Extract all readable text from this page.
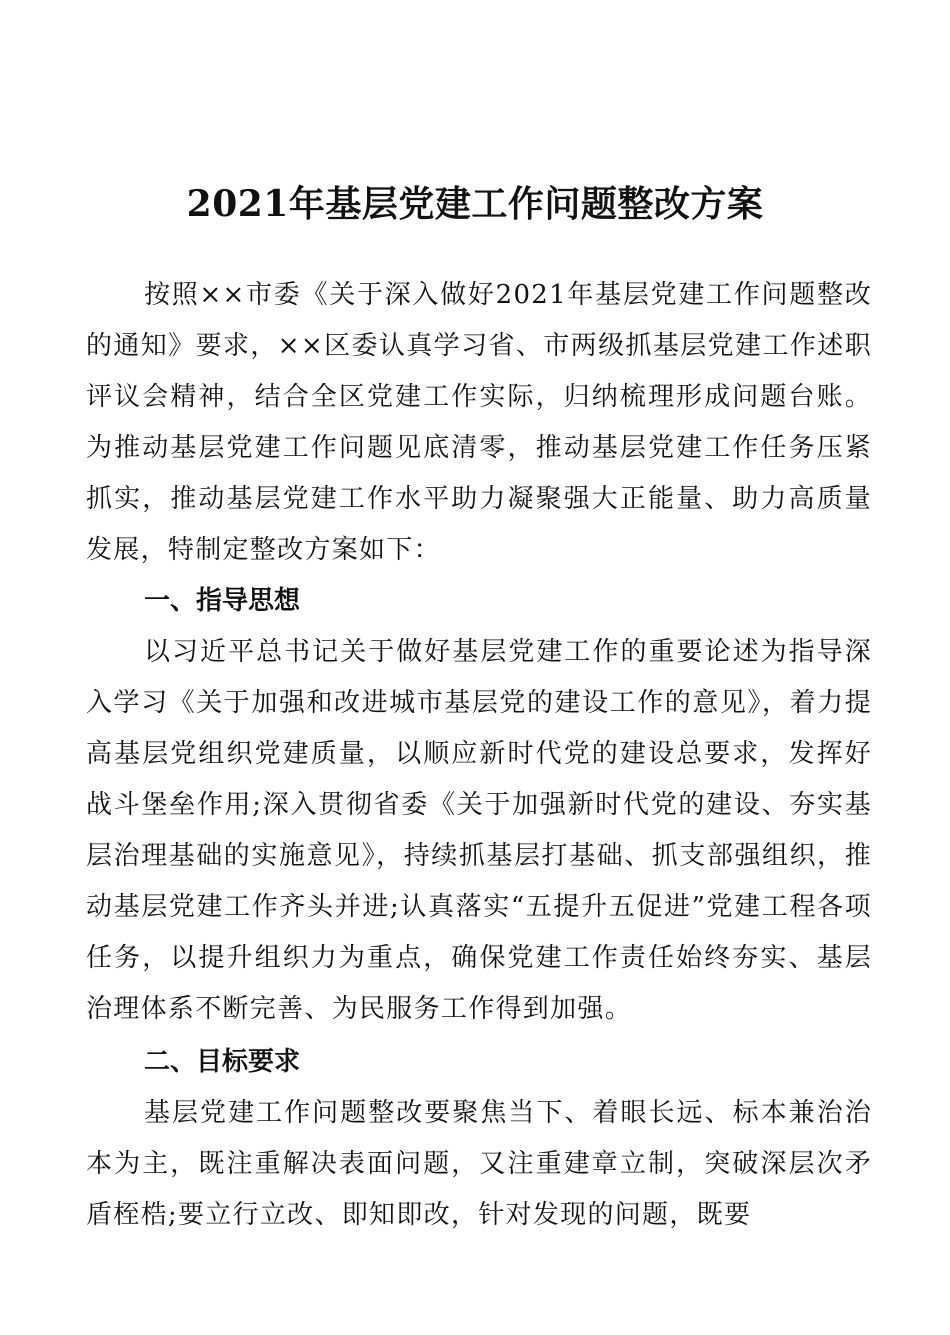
2021年基层党建工作问题整改方案

按照××市委《关于深入做好2021年基层党建工作问题整改的通知》要求，××区委认真学习省、市两级抓基层党建工作述职评议会精神，结合全区党建工作实际，归纳梳理形成问题台账。为推动基层党建工作问题见底清零，推动基层党建工作任务压紧抓实，推动基层党建工作水平助力凝聚强大正能量、助力高质量发展，特制定整改方案如下：

一、指导思想

以习近平总书记关于做好基层党建工作的重要论述为指导深入学习《关于加强和改进城市基层党的建设工作的意见》，着力提高基层党组织党建质量，以顺应新时代党的建设总要求，发挥好战斗堡垒作用;深入贯彻省委《关于加强新时代党的建设、夯实基层治理基础的实施意见》，持续抓基层打基础、抓支部强组织，推动基层党建工作齐头并进;认真落实“五提升五促进”党建工程各项任务，以提升组织力为重点，确保党建工作责任始终夯实、基层治理体系不断完善、为民服务工作得到加强。

二、目标要求

基层党建工作问题整改要聚焦当下、着眼长远、标本兼治治本为主，既注重解决表面问题，又注重建章立制，突破深层次矛盾桎梏;要立行立改、即知即改，针对发现的问题，既要
